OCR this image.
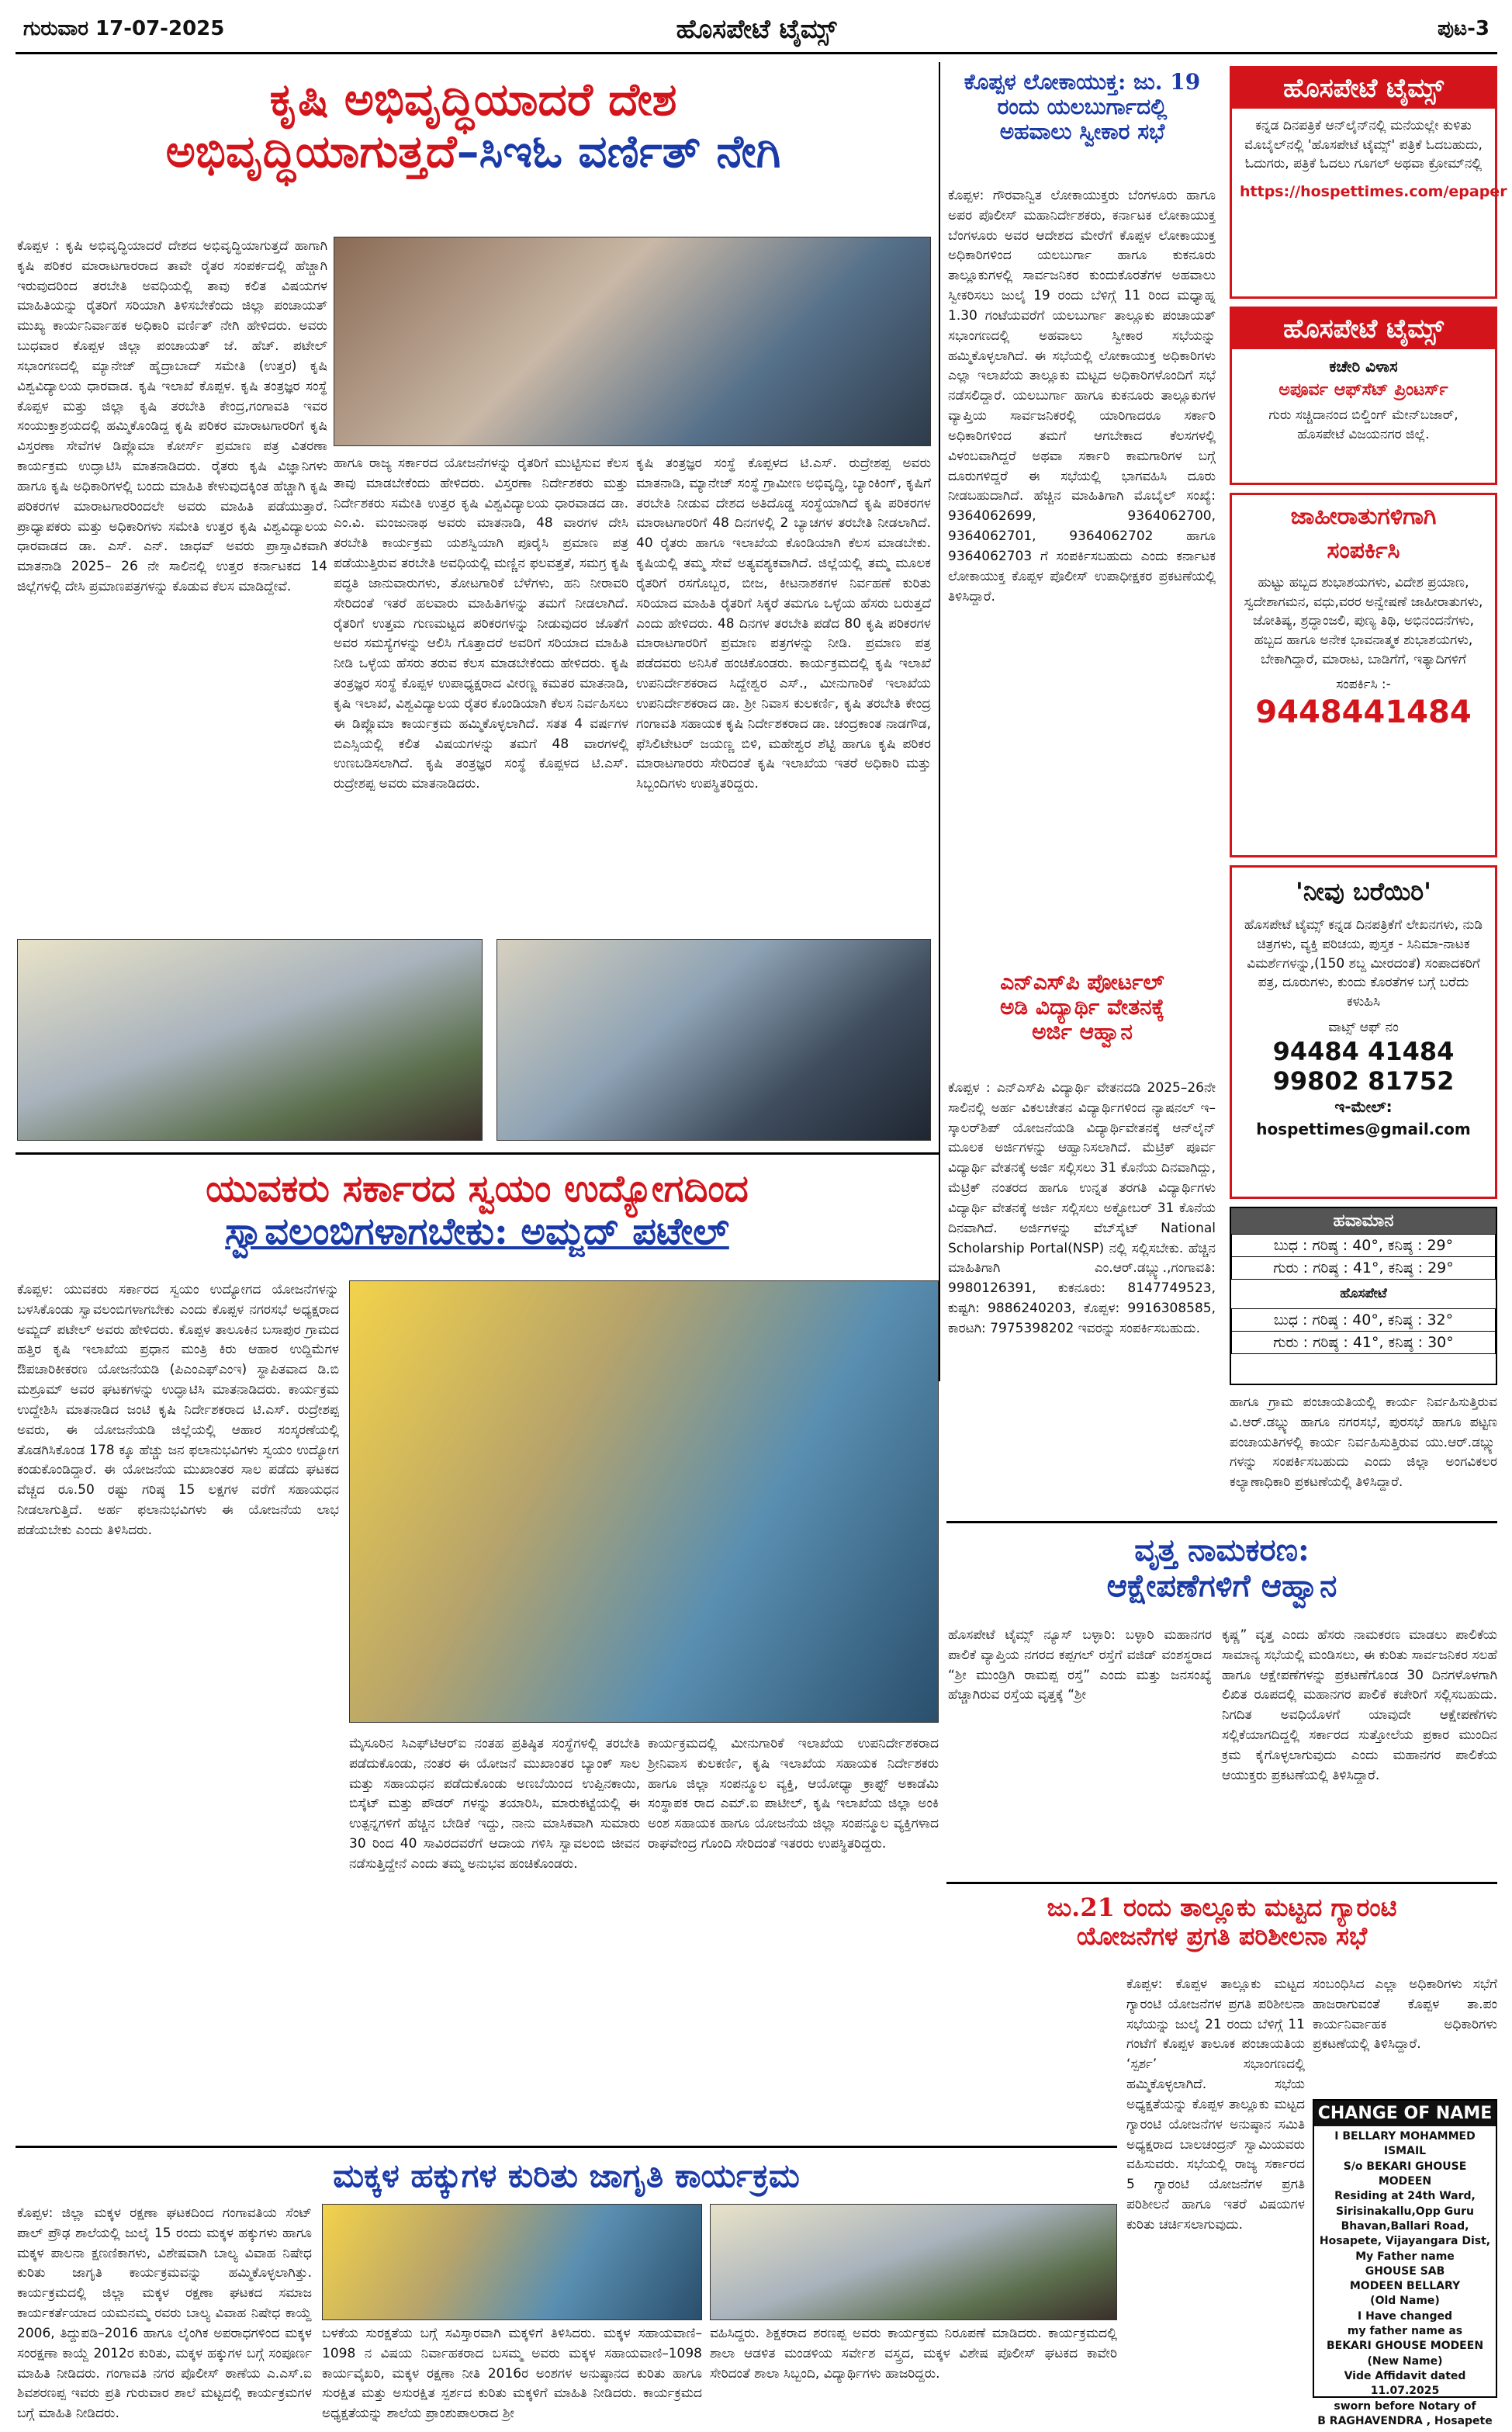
ಗುರುವಾರ 17-07-2025	ಹೊಸಪೇಟೆ ಟೈಮ್ಸ್	ಪುಟ-3
ಕೃಷಿ ಅಭಿವೃದ್ಧಿಯಾದರೆ ದೇಶ
ಅಭಿವೃದ್ಧಿಯಾಗುತ್ತದೆ–ಸಿಇಓ ವರ್ಣಿತ್ ನೇಗಿ
ಕೊಪ್ಪಳ : ಕೃಷಿ ಅಭಿವೃದ್ಧಿಯಾದರೆ ದೇಶದ ಅಭಿವೃದ್ಧಿಯಾಗುತ್ತದೆ ಹಾಗಾಗಿ ಕೃಷಿ ಪರಿಕರ ಮಾರಾಟಗಾರರಾದ ತಾವೇ ರೈತರ ಸಂಪರ್ಕದಲ್ಲಿ ಹೆಚ್ಚಾಗಿ ಇರುವುದರಿಂದ ತರಬೇತಿ ಅವಧಿಯಲ್ಲಿ ತಾವು ಕಲಿತ ವಿಷಯಗಳ ಮಾಹಿತಿಯನ್ನು ರೈತರಿಗೆ ಸರಿಯಾಗಿ ತಿಳಿಸಬೇಕೆಂದು ಜಿಲ್ಲಾ ಪಂಚಾಯತ್ ಮುಖ್ಯ ಕಾರ್ಯನಿರ್ವಾಹಕ ಅಧಿಕಾರಿ ವರ್ಣಿತ್ ನೇಗಿ ಹೇಳಿದರು. ಅವರು ಬುಧವಾರ ಕೊಪ್ಪಳ ಜಿಲ್ಲಾ ಪಂಚಾಯತ್ ಜೆ. ಹೆಚ್. ಪಟೇಲ್ ಸಭಾಂಗಣದಲ್ಲಿ ಮ್ಯಾನೇಜ್ ಹೈದ್ರಾಬಾದ್ ಸಮೇತಿ (ಉತ್ತರ) ಕೃಷಿ ವಿಶ್ವವಿದ್ಯಾಲಯ ಧಾರವಾಡ. ಕೃಷಿ ಇಲಾಖೆ ಕೊಪ್ಪಳ. ಕೃಷಿ ತಂತ್ರಜ್ಞರ ಸಂಸ್ಥೆ ಕೊಪ್ಪಳ ಮತ್ತು ಜಿಲ್ಲಾ ಕೃಷಿ ತರಬೇತಿ ಕೇಂದ್ರ,ಗಂಗಾವತಿ ಇವರ ಸಂಯುಕ್ತಾಶ್ರಯದಲ್ಲಿ ಹಮ್ಮಿಕೊಂಡಿದ್ದ ಕೃಷಿ ಪರಿಕರ ಮಾರಾಟಗಾರರಿಗೆ ಕೃಷಿ ವಿಸ್ತರಣಾ ಸೇವೆಗಳ ಡಿಪ್ಲೊಮಾ ಕೋರ್ಸ್ ಪ್ರಮಾಣ ಪತ್ರ ವಿತರಣಾ ಕಾರ್ಯಕ್ರಮ ಉದ್ಘಾಟಿಸಿ ಮಾತನಾಡಿದರು. ರೈತರು ಕೃಷಿ ವಿಜ್ಞಾನಿಗಳು ಹಾಗೂ ಕೃಷಿ ಅಧಿಕಾರಿಗಳಲ್ಲಿ ಬಂದು ಮಾಹಿತಿ ಕೇಳುವುದಕ್ಕಿಂತ ಹೆಚ್ಚಾಗಿ ಕೃಷಿ ಪರಿಕರಗಳ ಮಾರಾಟಗಾರರಿಂದಲೇ ಅವರು ಮಾಹಿತಿ ಪಡೆಯುತ್ತಾರೆ. ಪ್ರಾಧ್ಯಾಪಕರು ಮತ್ತು ಅಧಿಕಾರಿಗಳು ಸಮೇತಿ ಉತ್ತರ ಕೃಷಿ ವಿಶ್ವವಿದ್ಯಾಲಯ ಧಾರವಾಡದ ಡಾ. ಎಸ್. ಎನ್. ಜಾಧವ್ ಅವರು ಪ್ರಾಸ್ತಾವಿಕವಾಗಿ ಮಾತನಾಡಿ 2025– 26 ನೇ ಸಾಲಿನಲ್ಲಿ ಉತ್ತರ ಕರ್ನಾಟಕದ 14 ಜಿಲ್ಲೆಗಳಲ್ಲಿ ದೇಸಿ ಪ್ರಮಾಣಪತ್ರಗಳನ್ನು ಕೊಡುವ ಕೆಲಸ ಮಾಡಿದ್ದೇವೆ.
ಹಾಗೂ ರಾಜ್ಯ ಸರ್ಕಾರದ ಯೋಜನೆಗಳನ್ನು ರೈತರಿಗೆ ಮುಟ್ಟಿಸುವ ಕೆಲಸ ತಾವು ಮಾಡಬೇಕೆಂದು ಹೇಳಿದರು. ವಿಸ್ತರಣಾ ನಿರ್ದೇಶಕರು ಮತ್ತು ನಿರ್ದೇಶಕರು ಸಮೇತಿ ಉತ್ತರ ಕೃಷಿ ವಿಶ್ವವಿದ್ಯಾಲಯ ಧಾರವಾಡದ ಡಾ. ಎಂ.ವಿ. ಮಂಜುನಾಥ ಅವರು ಮಾತನಾಡಿ, 48 ವಾರಗಳ ದೇಸಿ ತರಬೇತಿ ಕಾರ್ಯಕ್ರಮ ಯಶಸ್ವಿಯಾಗಿ ಪೂರೈಸಿ ಪ್ರಮಾಣ ಪತ್ರ ಪಡೆಯುತ್ತಿರುವ ತರಬೇತಿ ಅವಧಿಯಲ್ಲಿ ಮಣ್ಣಿನ ಫಲವತ್ತತೆ, ಸಮಗ್ರ ಕೃಷಿ ಪದ್ಧತಿ ಜಾನುವಾರುಗಳು, ತೋಟಗಾರಿಕೆ ಬೆಳೆಗಳು, ಹನಿ ನೀರಾವರಿ ಸೇರಿದಂತೆ ಇತರೆ ಹಲವಾರು ಮಾಹಿತಿಗಳನ್ನು ತಮಗೆ ನೀಡಲಾಗಿದೆ. ರೈತರಿಗೆ ಉತ್ತಮ ಗುಣಮಟ್ಟದ ಪರಿಕರಗಳನ್ನು ನೀಡುವುದರ ಜೊತೆಗೆ ಅವರ ಸಮಸ್ಯೆಗಳನ್ನು ಆಲಿಸಿ ಗೊತ್ತಾದರೆ ಅವರಿಗೆ ಸರಿಯಾದ ಮಾಹಿತಿ ನೀಡಿ ಒಳ್ಳೆಯ ಹೆಸರು ತರುವ ಕೆಲಸ ಮಾಡಬೇಕೆಂದು ಹೇಳಿದರು. ಕೃಷಿ ತಂತ್ರಜ್ಞರ ಸಂಸ್ಥೆ ಕೊಪ್ಪಳ ಉಪಾಧ್ಯಕ್ಷರಾದ ವೀರಣ್ಣ ಕಮತರ ಮಾತನಾಡಿ, ಕೃಷಿ ಇಲಾಖೆ, ವಿಶ್ವವಿದ್ಯಾಲಯ ರೈತರ ಕೊಂಡಿಯಾಗಿ ಕೆಲಸ ನಿರ್ವಹಿಸಲು ಈ ಡಿಪ್ಲೊಮಾ ಕಾರ್ಯಕ್ರಮ ಹಮ್ಮಿಕೊಳ್ಳಲಾಗಿದೆ. ಸತತ 4 ವರ್ಷಗಳ ಬಿಎಸ್ಸಿಯಲ್ಲಿ ಕಲಿತ ವಿಷಯಗಳನ್ನು ತಮಗೆ 48 ವಾರಗಳಲ್ಲಿ ಉಣಬಡಿಸಲಾಗಿದೆ. ಕೃಷಿ ತಂತ್ರಜ್ಞರ ಸಂಸ್ಥೆ ಕೊಪ್ಪಳದ ಟಿ.ಎಸ್. ರುದ್ರೇಶಪ್ಪ ಅವರು ಮಾತನಾಡಿದರು.
ಕೃಷಿ ತಂತ್ರಜ್ಞರ ಸಂಸ್ಥೆ ಕೊಪ್ಪಳದ ಟಿ.ಎಸ್. ರುದ್ರೇಶಪ್ಪ ಅವರು ಮಾತನಾಡಿ, ಮ್ಯಾನೇಜ್ ಸಂಸ್ಥೆ ಗ್ರಾಮೀಣ ಅಭಿವೃದ್ಧಿ, ಬ್ಯಾಂಕಿಂಗ್, ಕೃಷಿಗೆ ತರಬೇತಿ ನೀಡುವ ದೇಶದ ಅತಿದೊಡ್ಡ ಸಂಸ್ಥೆಯಾಗಿದೆ ಕೃಷಿ ಪರಿಕರಗಳ ಮಾರಾಟಗಾರರಿಗೆ 48 ದಿನಗಳಲ್ಲಿ 2 ಬ್ಯಾಚಗಳ ತರಬೇತಿ ನೀಡಲಾಗಿದೆ. 40 ರೈತರು ಹಾಗೂ ಇಲಾಖೆಯ ಕೊಂಡಿಯಾಗಿ ಕೆಲಸ ಮಾಡಬೇಕು. ಕೃಷಿಯಲ್ಲಿ ತಮ್ಮ ಸೇವೆ ಅತ್ಯವಶ್ಯಕವಾಗಿದೆ. ಜಿಲ್ಲೆಯಲ್ಲಿ ತಮ್ಮ ಮೂಲಕ ರೈತರಿಗೆ ರಸಗೊಬ್ಬರ, ಬೀಜ, ಕೀಟನಾಶಕಗಳ ನಿರ್ವಹಣೆ ಕುರಿತು ಸರಿಯಾದ ಮಾಹಿತಿ ರೈತರಿಗೆ ಸಿಕ್ಕರೆ ತಮಗೂ ಒಳ್ಳೆಯ ಹೆಸರು ಬರುತ್ತದೆ ಎಂದು ಹೇಳಿದರು. 48 ದಿನಗಳ ತರಬೇತಿ ಪಡೆದ 80 ಕೃಷಿ ಪರಿಕರಗಳ ಮಾರಾಟಗಾರರಿಗೆ ಪ್ರಮಾಣ ಪತ್ರಗಳನ್ನು ನೀಡಿ. ಪ್ರಮಾಣ ಪತ್ರ ಪಡೆದವರು ಅನಿಸಿಕೆ ಹಂಚಿಕೊಂಡರು. ಕಾರ್ಯಕ್ರಮದಲ್ಲಿ ಕೃಷಿ ಇಲಾಖೆ ಉಪನಿರ್ದೇಶಕರಾದ ಸಿದ್ದೇಶ್ವರ ಎಸ್., ಮೀನುಗಾರಿಕೆ ಇಲಾಖೆಯ ಉಪನಿರ್ದೇಶಕರಾದ ಡಾ. ಶ್ರೀ ನಿವಾಸ ಕುಲಕರ್ಣಿ, ಕೃಷಿ ತರಬೇತಿ ಕೇಂದ್ರ ಗಂಗಾವತಿ ಸಹಾಯಕ ಕೃಷಿ ನಿರ್ದೇಶಕರಾದ ಡಾ. ಚಂದ್ರಕಾಂತ ನಾಡಗೌಡ, ಫೆಸಿಲಿಟೇಟರ್ ಜಯಣ್ಣ ಬಿಳಿ, ಮಹೇಶ್ವರ ಶೆಟ್ಟಿ ಹಾಗೂ ಕೃಷಿ ಪರಿಕರ ಮಾರಾಟಗಾರರು ಸೇರಿದಂತೆ ಕೃಷಿ ಇಲಾಖೆಯ ಇತರೆ ಅಧಿಕಾರಿ ಮತ್ತು ಸಿಬ್ಬಂದಿಗಳು ಉಪಸ್ಥಿತರಿದ್ದರು.
ಕೊಪ್ಪಳ ಲೋಕಾಯುಕ್ತ: ಜು. 19
ರಂದು ಯಲಬುರ್ಗಾದಲ್ಲಿ
ಅಹವಾಲು ಸ್ವೀಕಾರ ಸಭೆ
ಕೊಪ್ಪಳ: ಗೌರವಾನ್ವಿತ ಲೋಕಾಯುಕ್ತರು ಬೆಂಗಳೂರು ಹಾಗೂ ಅಪರ ಪೊಲೀಸ್ ಮಹಾನಿರ್ದೇಶಕರು, ಕರ್ನಾಟಕ ಲೋಕಾಯುಕ್ತ ಬೆಂಗಳೂರು ಅವರ ಆದೇಶದ ಮೇರೆಗೆ ಕೊಪ್ಪಳ ಲೋಕಾಯುಕ್ತ ಅಧಿಕಾರಿಗಳಿಂದ ಯಲಬುರ್ಗಾ ಹಾಗೂ ಕುಕನೂರು ತಾಲ್ಲೂಕುಗಳಲ್ಲಿ ಸಾರ್ವಜನಿಕರ ಕುಂದುಕೊರತೆಗಳ ಅಹವಾಲು ಸ್ವೀಕರಿಸಲು ಜುಲೈ 19 ರಂದು ಬೆಳಿಗ್ಗೆ 11 ರಿಂದ ಮಧ್ಯಾಹ್ನ 1.30 ಗಂಟೆಯವರೆಗೆ ಯಲಬುರ್ಗಾ ತಾಲ್ಲೂಕು ಪಂಚಾಯತ್ ಸಭಾಂಗಣದಲ್ಲಿ ಅಹವಾಲು ಸ್ವೀಕಾರ ಸಭೆಯನ್ನು ಹಮ್ಮಿಕೊಳ್ಳಲಾಗಿದೆ. ಈ ಸಭೆಯಲ್ಲಿ ಲೋಕಾಯುಕ್ತ ಅಧಿಕಾರಿಗಳು ಎಲ್ಲಾ ಇಲಾಖೆಯ ತಾಲ್ಲೂಕು ಮಟ್ಟದ ಅಧಿಕಾರಿಗಳೊಂದಿಗೆ ಸಭೆ ನಡೆಸಲಿದ್ದಾರೆ. ಯಲಬುರ್ಗಾ ಹಾಗೂ ಕುಕನೂರು ತಾಲ್ಲೂಕುಗಳ ವ್ಯಾಪ್ತಿಯ ಸಾರ್ವಜನಿಕರಲ್ಲಿ ಯಾರಿಗಾದರೂ ಸರ್ಕಾರಿ ಅಧಿಕಾರಿಗಳಿಂದ ತಮಗೆ ಆಗಬೇಕಾದ ಕೆಲಸಗಳಲ್ಲಿ ವಿಳಂಬವಾಗಿದ್ದರೆ ಅಥವಾ ಸರ್ಕಾರಿ ಕಾಮಗಾರಿಗಳ ಬಗ್ಗೆ ದೂರುಗಳಿದ್ದರೆ ಈ ಸಭೆಯಲ್ಲಿ ಭಾಗವಹಿಸಿ ದೂರು ನೀಡಬಹುದಾಗಿದೆ. ಹೆಚ್ಚಿನ ಮಾಹಿತಿಗಾಗಿ ಮೊಬೈಲ್ ಸಂಖ್ಯೆ: 9364062699, 9364062700, 9364062701, 9364062702 ಹಾಗೂ 9364062703 ಗೆ ಸಂಪರ್ಕಿಸಬಹುದು ಎಂದು ಕರ್ನಾಟಕ ಲೋಕಾಯುಕ್ತ ಕೊಪ್ಪಳ ಪೊಲೀಸ್ ಉಪಾಧೀಕ್ಷಕರ ಪ್ರಕಟಣೆಯಲ್ಲಿ ತಿಳಿಸಿದ್ದಾರೆ.
ಎನ್‌ಎಸ್‌ಪಿ ಪೋರ್ಟಲ್
ಅಡಿ ವಿದ್ಯಾರ್ಥಿ ವೇತನಕ್ಕೆ
ಅರ್ಜಿ ಆಹ್ವಾನ
ಕೊಪ್ಪಳ : ಎನ್‌ಎಸ್‌ಪಿ ವಿದ್ಯಾರ್ಥಿ ವೇತನದಡಿ 2025–26ನೇ ಸಾಲಿನಲ್ಲಿ ಅರ್ಹ ವಿಕಲಚೇತನ ವಿದ್ಯಾರ್ಥಿಗಳಿಂದ ನ್ಯಾಷನಲ್ ಇ–ಸ್ಕಾಲರ್‌ಶಿಪ್ ಯೋಜನೆಯಡಿ ವಿದ್ಯಾರ್ಥಿವೇತನಕ್ಕೆ ಆನ್‌ಲೈನ್ ಮೂಲಕ ಅರ್ಜಿಗಳನ್ನು ಆಹ್ವಾನಿಸಲಾಗಿದೆ. ಮೆಟ್ರಿಕ್ ಪೂರ್ವ ವಿದ್ಯಾರ್ಥಿ ವೇತನಕ್ಕೆ ಅರ್ಜಿ ಸಲ್ಲಿಸಲು 31 ಕೊನೆಯ ದಿನವಾಗಿದ್ದು, ಮೆಟ್ರಿಕ್ ನಂತರದ ಹಾಗೂ ಉನ್ನತ ತರಗತಿ ವಿದ್ಯಾರ್ಥಿಗಳು ವಿದ್ಯಾರ್ಥಿ ವೇತನಕ್ಕೆ ಅರ್ಜಿ ಸಲ್ಲಿಸಲು ಅಕ್ಟೋಬರ್ 31 ಕೊನೆಯ ದಿನವಾಗಿದೆ. ಅರ್ಜಿಗಳನ್ನು ವೆಬ್‌ಸೈಟ್ National Scholarship Portal(NSP) ನಲ್ಲಿ ಸಲ್ಲಿಸಬೇಕು. ಹೆಚ್ಚಿನ ಮಾಹಿತಿಗಾಗಿ ಎಂ.ಆರ್.ಡಬ್ಲ್ಯು.,ಗಂಗಾವತಿ: 9980126391, ಕುಕನೂರು: 8147749523, ಕುಷ್ಟಗಿ: 9886240203, ಕೊಪ್ಪಳ: 9916308585, ಕಾರಟಗಿ: 7975398202 ಇವರನ್ನು ಸಂಪರ್ಕಿಸಬಹುದು.
ಹೊಸಪೇಟೆ ಟೈಮ್ಸ್
ಕನ್ನಡ ದಿನಪತ್ರಿಕೆ ಆನ್‌ಲೈನ್‌ನಲ್ಲಿ ಮನೆಯಲ್ಲೇ ಕುಳಿತು ಮೊಬೈಲ್‌ನಲ್ಲಿ 'ಹೊಸಪೇಟೆ ಟೈಮ್ಸ್' ಪತ್ರಿಕೆ ಓದಬಹುದು, ಓದುಗರು, ಪತ್ರಿಕೆ ಓದಲು ಗೂಗಲ್ ಅಥವಾ ಕ್ರೋಮ್‌ನಲ್ಲಿ
https://hospettimes.com/epaper
ಹೊಸಪೇಟೆ ಟೈಮ್ಸ್
ಕಚೇರಿ ವಿಳಾಸ
ಅಪೂರ್ವ ಆಫ್‌ಸೆಟ್ ಪ್ರಿಂಟರ್ಸ್
ಗುರು ಸಚ್ಚಿದಾನಂದ ಬಿಲ್ಡಿಂಗ್ ಮೇನ್‌ಬಜಾರ್, ಹೊಸಪೇಟೆ ವಿಜಯನಗರ ಜಿಲ್ಲೆ.
ಜಾಹೀರಾತುಗಳಿಗಾಗಿ
ಸಂಪರ್ಕಿಸಿ
ಹುಟ್ಟು ಹಬ್ಬದ ಶುಭಾಶಯಗಳು, ವಿದೇಶ ಪ್ರಯಾಣ, ಸ್ವದೇಶಾಗಮನ, ವಧು,ವರರ ಅನ್ವೇಷಣೆ ಜಾಹೀರಾತುಗಳು, ಜೋತಿಷ್ಯ, ಶ್ರದ್ಧಾಂಜಲಿ, ಪುಣ್ಯ ತಿಥಿ, ಅಭಿನಂದನೆಗಳು, ಹಬ್ಬದ ಹಾಗೂ ಅನೇಕ ಭಾವನಾತ್ಮಕ ಶುಭಾಶಯಗಳು, ಬೇಕಾಗಿದ್ದಾರೆ, ಮಾರಾಟ, ಬಾಡಿಗೆಗೆ, ಇತ್ಯಾದಿಗಳಿಗೆ
ಸಂಪರ್ಕಿಸಿ :-
9448441484
'ನೀವು ಬರೆಯಿರಿ'
ಹೊಸಪೇಟೆ ಟೈಮ್ಸ್ ಕನ್ನಡ ದಿನಪತ್ರಿಕೆಗೆ ಲೇಖನಗಳು, ನುಡಿ ಚಿತ್ರಗಳು, ವ್ಯಕ್ತಿ ಪರಿಚಯ, ಪುಸ್ತಕ - ಸಿನಿಮಾ-ನಾಟಕ ವಿಮರ್ಶೆಗಳನ್ನು,(150 ಶಬ್ದ ಮೀರದಂತೆ) ಸಂಪಾದಕರಿಗೆ ಪತ್ರ, ದೂರುಗಳು, ಕುಂದು ಕೊರತೆಗಳ ಬಗ್ಗೆ ಬರೆದು ಕಳುಹಿಸಿ
ವಾಟ್ಸ್ ಆಫ್ ನಂ
94484 41484
99802 81752
ಇ-ಮೇಲ್: hospettimes@gmail.com
ಹವಾಮಾನ
ಬುಧ : ಗರಿಷ್ಠ : 40°, ಕನಿಷ್ಠ : 29°
ಗುರು : ಗರಿಷ್ಠ : 41°, ಕನಿಷ್ಠ : 29°
ಹೊಸಪೇಟೆ
ಬುಧ : ಗರಿಷ್ಠ : 40°, ಕನಿಷ್ಠ : 32°
ಗುರು : ಗರಿಷ್ಠ : 41°, ಕನಿಷ್ಠ : 30°
ಯುವಕರು ಸರ್ಕಾರದ ಸ್ವಯಂ ಉದ್ಯೋಗದಿಂದ
ಸ್ವಾವಲಂಬಿಗಳಾಗಬೇಕು: ಅಮ್ಜದ್ ಪಟೇಲ್
ಕೊಪ್ಪಳ: ಯುವಕರು ಸರ್ಕಾರದ ಸ್ವಯಂ ಉದ್ಯೋಗದ ಯೋಜನೆಗಳನ್ನು ಬಳಸಿಕೊಂಡು ಸ್ವಾವಲಂಬಿಗಳಾಗಬೇಕು ಎಂದು ಕೊಪ್ಪಳ ನಗರಸಭೆ ಅಧ್ಯಕ್ಷರಾದ ಅಮ್ಜದ್ ಪಟೇಲ್ ಅವರು ಹೇಳಿದರು. ಕೊಪ್ಪಳ ತಾಲೂಕಿನ ಬಸಾಪುರ ಗ್ರಾಮದ ಹತ್ತಿರ ಕೃಷಿ ಇಲಾಖೆಯ ಪ್ರಧಾನ ಮಂತ್ರಿ ಕಿರು ಆಹಾರ ಉದ್ದಿಮೆಗಳ ಔಪಚಾರಿಕೀಕರಣ ಯೋಜನೆಯಡಿ (ಪಿಎಂಎಫ್‌ಎಂಇ) ಸ್ಥಾಪಿತವಾದ ಡಿ.ಬಿ ಮಶ್ರೂಮ್ ಅವರ ಘಟಕಗಳನ್ನು ಉದ್ಘಾಟಿಸಿ ಮಾತನಾಡಿದರು. ಕಾರ್ಯಕ್ರಮ ಉದ್ದೇಶಿಸಿ ಮಾತನಾಡಿದ ಜಂಟಿ ಕೃಷಿ ನಿರ್ದೇಶಕರಾದ ಟಿ.ಎಸ್. ರುದ್ರೇಶಪ್ಪ ಅವರು, ಈ ಯೋಜನೆಯಡಿ ಜಿಲ್ಲೆಯಲ್ಲಿ ಆಹಾರ ಸಂಸ್ಕರಣೆಯಲ್ಲಿ ತೊಡಗಿಸಿಕೊಂಡ 178 ಕ್ಕೂ ಹೆಚ್ಚು ಜನ ಫಲಾನುಭವಿಗಳು ಸ್ವಯಂ ಉದ್ಯೋಗ ಕಂಡುಕೊಂಡಿದ್ದಾರೆ. ಈ ಯೋಜನೆಯ ಮುಖಾಂತರ ಸಾಲ ಪಡೆದು ಘಟಕದ ವೆಚ್ಚದ ರೂ.50 ರಷ್ಟು ಗರಿಷ್ಠ 15 ಲಕ್ಷಗಳ ವರೆಗೆ ಸಹಾಯಧನ ನೀಡಲಾಗುತ್ತಿದೆ. ಅರ್ಹ ಫಲಾನುಭವಿಗಳು ಈ ಯೋಜನೆಯ ಲಾಭ ಪಡೆಯಬೇಕು ಎಂದು ತಿಳಿಸಿದರು.
ಮೈಸೂರಿನ ಸಿಎಫ್‌ಟಿಆರ್‌ಐ ನಂತಹ ಪ್ರತಿಷ್ಠಿತ ಸಂಸ್ಥೆಗಳಲ್ಲಿ ತರಬೇತಿ ಪಡೆದುಕೊಂಡು, ನಂತರ ಈ ಯೋಜನೆ ಮುಖಾಂತರ ಬ್ಯಾಂಕ್ ಸಾಲ ಮತ್ತು ಸಹಾಯಧನ ಪಡೆದುಕೊಂಡು ಅಣಬೆಯಿಂದ ಉಪ್ಪಿನಕಾಯಿ, ಬಿಸ್ಕೆಟ್ ಮತ್ತು ಪೌಡರ್ ಗಳನ್ನು ತಯಾರಿಸಿ, ಮಾರುಕಟ್ಟೆಯಲ್ಲಿ ಈ ಉತ್ಪನ್ನಗಳಿಗೆ ಹೆಚ್ಚಿನ ಬೇಡಿಕೆ ಇದ್ದು, ನಾನು ಮಾಸಿಕವಾಗಿ ಸುಮಾರು 30 ರಿಂದ 40 ಸಾವಿರದವರೆಗೆ ಆದಾಯ ಗಳಿಸಿ ಸ್ವಾವಲಂಬಿ ಜೀವನ ನಡೆಸುತ್ತಿದ್ದೇನೆ ಎಂದು ತಮ್ಮ ಅನುಭವ ಹಂಚಿಕೊಂಡರು.
ಕಾರ್ಯಕ್ರಮದಲ್ಲಿ ಮೀನುಗಾರಿಕೆ ಇಲಾಖೆಯ ಉಪನಿರ್ದೇಶಕರಾದ ಶ್ರೀನಿವಾಸ ಕುಲಕರ್ಣಿ, ಕೃಷಿ ಇಲಾಖೆಯ ಸಹಾಯಕ ನಿರ್ದೇಶಕರು ಹಾಗೂ ಜಿಲ್ಲಾ ಸಂಪನ್ಮೂಲ ವ್ಯಕ್ತಿ, ಆಯೋಧ್ಯಾ ಕ್ರಾಫ್ಟ್ ಅಕಾಡೆಮಿ ಸಂಸ್ಥಾಪಕ ರಾದ ಎಮ್.ಐ ಪಾಟೀಲ್, ಕೃಷಿ ಇಲಾಖೆಯ ಜಿಲ್ಲಾ ಅಂಕಿ ಅಂಶ ಸಹಾಯಕ ಹಾಗೂ ಯೋಜನೆಯ ಜಿಲ್ಲಾ ಸಂಪನ್ಮೂಲ ವ್ಯಕ್ತಿಗಳಾದ ರಾಘವೇಂದ್ರ ಗೊಂದಿ ಸೇರಿದಂತೆ ಇತರರು ಉಪಸ್ಥಿತರಿದ್ದರು.
ಹಾಗೂ ಗ್ರಾಮ ಪಂಚಾಯತಿಯಲ್ಲಿ ಕಾರ್ಯ ನಿರ್ವಹಿಸುತ್ತಿರುವ ವಿ.ಆರ್.ಡಬ್ಲ್ಯು ಹಾಗೂ ನಗರಸಭೆ, ಪುರಸಭೆ ಹಾಗೂ ಪಟ್ಟಣ ಪಂಚಾಯತಿಗಳಲ್ಲಿ ಕಾರ್ಯ ನಿರ್ವಹಿಸುತ್ತಿರುವ ಯು.ಆರ್.ಡಬ್ಲ್ಯು ಗಳನ್ನು ಸಂಪರ್ಕಿಸಬಹುದು ಎಂದು ಜಿಲ್ಲಾ ಅಂಗವಿಕಲರ ಕಲ್ಯಾಣಾಧಿಕಾರಿ ಪ್ರಕಟಣೆಯಲ್ಲಿ ತಿಳಿಸಿದ್ದಾರೆ.
ವೃತ್ತ ನಾಮಕರಣ:
ಆಕ್ಷೇಪಣೆಗಳಿಗೆ ಆಹ್ವಾನ
ಹೊಸಪೇಟೆ ಟೈಮ್ಸ್ ನ್ಯೂಸ್ ಬಳ್ಳಾರಿ: ಬಳ್ಳಾರಿ ಮಹಾನಗರ ಪಾಲಿಕೆ ವ್ಯಾಪ್ತಿಯ ನಗರದ ಕಪ್ಪಗಲ್ ರಸ್ತೆಗೆ ವಜಿಡ್ ವಂಶಸ್ಥರಾದ “ಶ್ರೀ ಮುಂಡ್ರಿಗಿ ರಾಮಪ್ಪ ರಸ್ತೆ” ಎಂದು ಮತ್ತು ಜನಸಂಖ್ಯೆ ಹೆಚ್ಚಾಗಿರುವ ರಸ್ತೆಯ ವೃತ್ತಕ್ಕೆ “ಶ್ರೀ
ಕೃಷ್ಣ” ವೃತ್ತ ಎಂದು ಹೆಸರು ನಾಮಕರಣ ಮಾಡಲು ಪಾಲಿಕೆಯ ಸಾಮಾನ್ಯ ಸಭೆಯಲ್ಲಿ ಮಂಡಿಸಲು, ಈ ಕುರಿತು ಸಾರ್ವಜನಿಕರ ಸಲಹೆ ಹಾಗೂ ಆಕ್ಷೇಪಣೆಗಳನ್ನು ಪ್ರಕಟಣೆಗೊಂಡ 30 ದಿನಗಳೊಳಗಾಗಿ ಲಿಖಿತ ರೂಪದಲ್ಲಿ ಮಹಾನಗರ ಪಾಲಿಕೆ ಕಚೇರಿಗೆ ಸಲ್ಲಿಸಬಹುದು. ನಿಗದಿತ ಅವಧಿಯೊಳಗೆ ಯಾವುದೇ ಆಕ್ಷೇಪಣೆಗಳು ಸಲ್ಲಿಕೆಯಾಗದಿದ್ದಲ್ಲಿ ಸರ್ಕಾರದ ಸುತ್ತೋಲೆಯ ಪ್ರಕಾರ ಮುಂದಿನ ಕ್ರಮ ಕೈಗೊಳ್ಳಲಾಗುವುದು ಎಂದು ಮಹಾನಗರ ಪಾಲಿಕೆಯ ಆಯುಕ್ತರು ಪ್ರಕಟಣೆಯಲ್ಲಿ ತಿಳಿಸಿದ್ದಾರೆ.
ಜು.21 ರಂದು ತಾಲ್ಲೂಕು ಮಟ್ಟದ ಗ್ಯಾರಂಟಿ
ಯೋಜನೆಗಳ ಪ್ರಗತಿ ಪರಿಶೀಲನಾ ಸಭೆ
ಕೊಪ್ಪಳ: ಕೊಪ್ಪಳ ತಾಲ್ಲೂಕು ಮಟ್ಟದ ಗ್ಯಾರಂಟಿ ಯೋಜನೆಗಳ ಪ್ರಗತಿ ಪರಿಶೀಲನಾ ಸಭೆಯನ್ನು ಜುಲೈ 21 ರಂದು ಬೆಳಿಗ್ಗೆ 11 ಗಂಟೆಗೆ ಕೊಪ್ಪಳ ತಾಲೂಕ ಪಂಚಾಯತಿಯ ‘ಸ್ಪರ್ಶ’ ಸಭಾಂಗಣದಲ್ಲಿ ಹಮ್ಮಿಕೊಳ್ಳಲಾಗಿದೆ. ಸಭೆಯ ಅಧ್ಯಕ್ಷತೆಯನ್ನು ಕೊಪ್ಪಳ ತಾಲ್ಲೂಕು ಮಟ್ಟದ ಗ್ಯಾರಂಟಿ ಯೋಜನೆಗಳ ಅನುಷ್ಠಾನ ಸಮಿತಿ ಅಧ್ಯಕ್ಷರಾದ ಬಾಲಚಂದ್ರನ್ ಸ್ವಾಮಿಯವರು ವಹಿಸುವರು. ಸಭೆಯಲ್ಲಿ ರಾಜ್ಯ ಸರ್ಕಾರದ 5 ಗ್ಯಾರಂಟಿ ಯೋಜನೆಗಳ ಪ್ರಗತಿ ಪರಿಶೀಲನೆ ಹಾಗೂ ಇತರೆ ವಿಷಯಗಳ ಕುರಿತು ಚರ್ಚಿಸಲಾಗುವುದು.
ಸಂಬಂಧಿಸಿದ ಎಲ್ಲಾ ಅಧಿಕಾರಿಗಳು ಸಭೆಗೆ ಹಾಜರಾಗುವಂತೆ ಕೊಪ್ಪಳ ತಾ.ಪಂ ಕಾರ್ಯನಿರ್ವಾಹಕ ಅಧಿಕಾರಿಗಳು ಪ್ರಕಟಣೆಯಲ್ಲಿ ತಿಳಿಸಿದ್ದಾರೆ.
CHANGE OF NAME
I BELLARY MOHAMMED ISMAIL
S/o BEKARI GHOUSE MODEEN
Residing at 24th Ward,
Sirisinakallu,Opp Guru
Bhavan,Ballari Road,
Hosapete, Vijayangara Dist,
My Father name
GHOUSE SAB
MODEEN BELLARY
(Old Name)
I Have changed
my father name as
BEKARI GHOUSE MODEEN
(New Name)
Vide Affidavit dated 11.07.2025
sworn before Notary of
B RAGHAVENDRA , Hosapete
ಮಕ್ಕಳ ಹಕ್ಕುಗಳ ಕುರಿತು ಜಾಗೃತಿ ಕಾರ್ಯಕ್ರಮ
ಕೊಪ್ಪಳ: ಜಿಲ್ಲಾ ಮಕ್ಕಳ ರಕ್ಷಣಾ ಘಟಕದಿಂದ ಗಂಗಾವತಿಯ ಸೆಂಟ್ ಪಾಲ್ ಪ್ರೌಢ ಶಾಲೆಯಲ್ಲಿ ಜುಲೈ 15 ರಂದು ಮಕ್ಕಳ ಹಕ್ಕುಗಳು ಹಾಗೂ ಮಕ್ಕಳ ಪಾಲನಾ ಕ್ಷಣಣಿಕಾಗಳು, ವಿಶೇಷವಾಗಿ ಬಾಲ್ಯ ವಿವಾಹ ನಿಷೇಧ ಕುರಿತು ಜಾಗೃತಿ ಕಾರ್ಯಕ್ರಮವನ್ನು ಹಮ್ಮಿಕೊಳ್ಳಲಾಗಿತ್ತು. ಕಾರ್ಯಕ್ರಮದಲ್ಲಿ ಜಿಲ್ಲಾ ಮಕ್ಕಳ ರಕ್ಷಣಾ ಘಟಕದ ಸಮಾಜ ಕಾರ್ಯಕರ್ತೆಯಾದ ಯಮನಮ್ಮ ರವರು ಬಾಲ್ಯ ವಿವಾಹ ನಿಷೇಧ ಕಾಯ್ದೆ 2006, ತಿದ್ದುಪಡಿ–2016 ಹಾಗೂ ಲೈಂಗಿಕ ಅಪರಾಧಗಳಿಂದ ಮಕ್ಕಳ ಸಂರಕ್ಷಣಾ ಕಾಯ್ದೆ 2012ರ ಕುರಿತು, ಮಕ್ಕಳ ಹಕ್ಕುಗಳ ಬಗ್ಗೆ ಸಂಪೂರ್ಣ ಮಾಹಿತಿ ನೀಡಿದರು. ಗಂಗಾವತಿ ನಗರ ಪೊಲೀಸ್ ಠಾಣೆಯ ಎ.ಎಸ್.ಐ ಶಿವಶರಣಪ್ಪ ಇವರು ಪ್ರತಿ ಗುರುವಾರ ಶಾಲೆ ಮಟ್ಟದಲ್ಲಿ ಕಾರ್ಯಕ್ರಮಗಳ ಬಗ್ಗೆ ಮಾಹಿತಿ ನೀಡಿದರು.
ಬಳಕೆಯ ಸುರಕ್ಷತೆಯ ಬಗ್ಗೆ ಸವಿಸ್ತಾರವಾಗಿ ಮಕ್ಕಳಿಗೆ ತಿಳಿಸಿದರು. ಮಕ್ಕಳ ಸಹಾಯವಾಣಿ–1098 ನ ವಿಷಯ ನಿರ್ವಾಹಕರಾದ ಬಸಮ್ಮ ಅವರು ಮಕ್ಕಳ ಸಹಾಯವಾಣಿ–1098 ಕಾರ್ಯವೈಖರಿ, ಮಕ್ಕಳ ರಕ್ಷಣಾ ನೀತಿ 2016ರ ಅಂಶಗಳ ಅನುಷ್ಠಾನದ ಕುರಿತು ಹಾಗೂ ಸುರಕ್ಷಿತ ಮತ್ತು ಅಸುರಕ್ಷಿತ ಸ್ಪರ್ಶದ ಕುರಿತು ಮಕ್ಕಳಿಗೆ ಮಾಹಿತಿ ನೀಡಿದರು. ಕಾರ್ಯಕ್ರಮದ ಅಧ್ಯಕ್ಷತೆಯನ್ನು ಶಾಲೆಯ ಪ್ರಾಂಶುಪಾಲರಾದ ಶ್ರೀ
ವಹಿಸಿದ್ದರು. ಶಿಕ್ಷಕರಾದ ಶರಣಪ್ಪ ಅವರು ಕಾರ್ಯಕ್ರಮ ನಿರೂಪಣೆ ಮಾಡಿದರು. ಕಾರ್ಯಕ್ರಮದಲ್ಲಿ ಶಾಲಾ ಆಡಳಿತ ಮಂಡಳಿಯ ಸರ್ವೇಶ ವಸ್ತ್ರದ, ಮಕ್ಕಳ ವಿಶೇಷ ಪೊಲೀಸ್ ಘಟಕದ ಕಾವೇರಿ ಸೇರಿದಂತೆ ಶಾಲಾ ಸಿಬ್ಬಂದಿ, ವಿದ್ಯಾರ್ಥಿಗಳು ಹಾಜರಿದ್ದರು.
